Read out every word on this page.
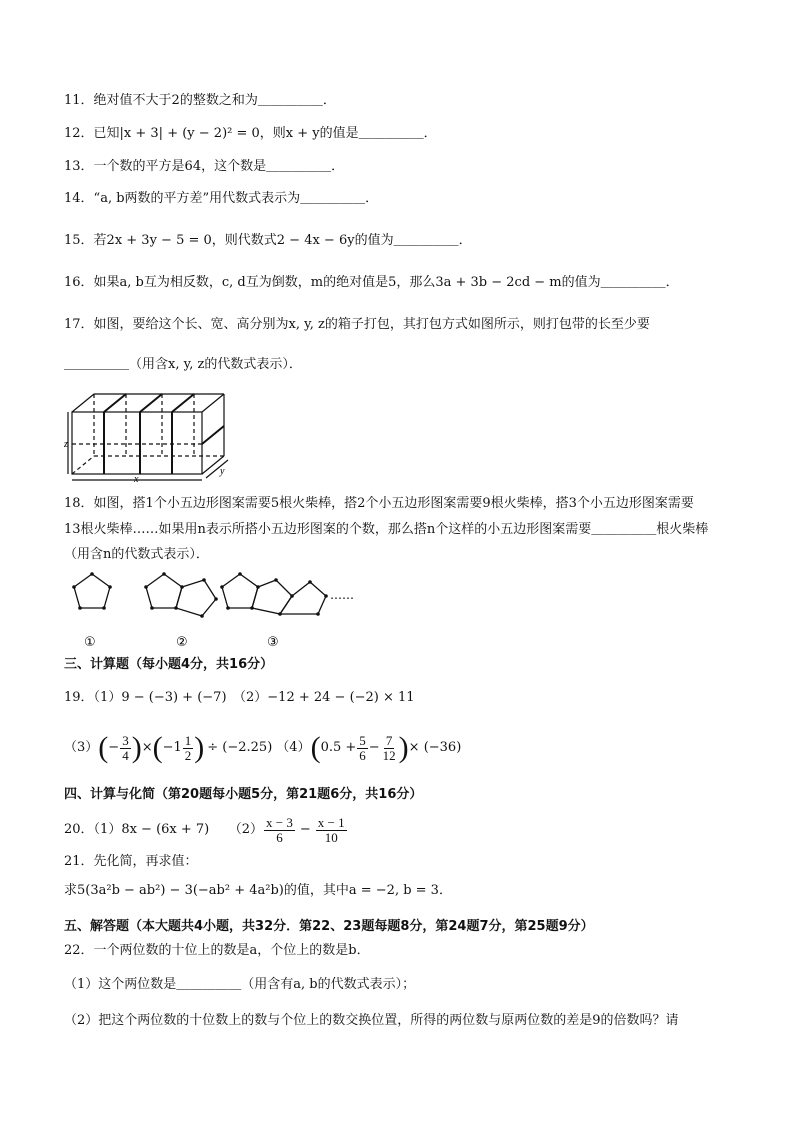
11．绝对值不大于2的整数之和为＿＿＿＿＿．
12．已知|x + 3| + (y − 2)² = 0，则x + y的值是＿＿＿＿＿．
13．一个数的平方是64，这个数是＿＿＿＿＿．
14．“a, b两数的平方差”用代数式表示为＿＿＿＿＿．
15．若2x + 3y − 5 = 0，则代数式2 − 4x − 6y的值为＿＿＿＿＿．
16．如果a, b互为相反数，c, d互为倒数，m的绝对值是5，那么3a + 3b − 2cd − m的值为＿＿＿＿＿．
17．如图，要给这个长、宽、高分别为x, y, z的箱子打包，其打包方式如图所示，则打包带的长至少要
＿＿＿＿＿（用含x, y, z的代数式表示）．
z
x
y
18．如图，搭1个小五边形图案需要5根火柴棒，搭2个小五边形图案需要9根火柴棒，搭3个小五边形图案需要
13根火柴棒……如果用n表示所搭小五边形图案的个数，那么搭n个这样的小五边形图案需要＿＿＿＿＿根火柴棒
（用含n的代数式表示）．
……
①	②	③
三、计算题（每小题4分，共16分）
19．（1）9 − (−3) + (−7)　（2）−12 + 24 − (−2) × 11
（3） ( − $\frac{3}{4}$ ) × ( $-1 \frac{1}{2}$ ) ÷ (−2.25) （4） ( $0.5 + \frac{5}{6} - \frac{7}{12}$ ) × (−36)
四、计算与化简（第20题每小题5分，第21题6分，共16分）
20．（1）8x − (6x + 7)　　$(2) \frac{x - 3}{6} - \frac{x - 1}{10}$
21．先化简，再求值：
求5(3a²b − ab²) − 3(−ab² + 4a²b)的值，其中a = −2, b = 3．
五、解答题（本大题共4小题，共32分．第22、23题每题8分，第24题7分，第25题9分）
22．一个两位数的十位上的数是a，个位上的数是b．
（1）这个两位数是＿＿＿＿＿（用含有a, b的代数式表示）；
（2）把这个两位数的十位数上的数与个位上的数交换位置，所得的两位数与原两位数的差是9的倍数吗？请
